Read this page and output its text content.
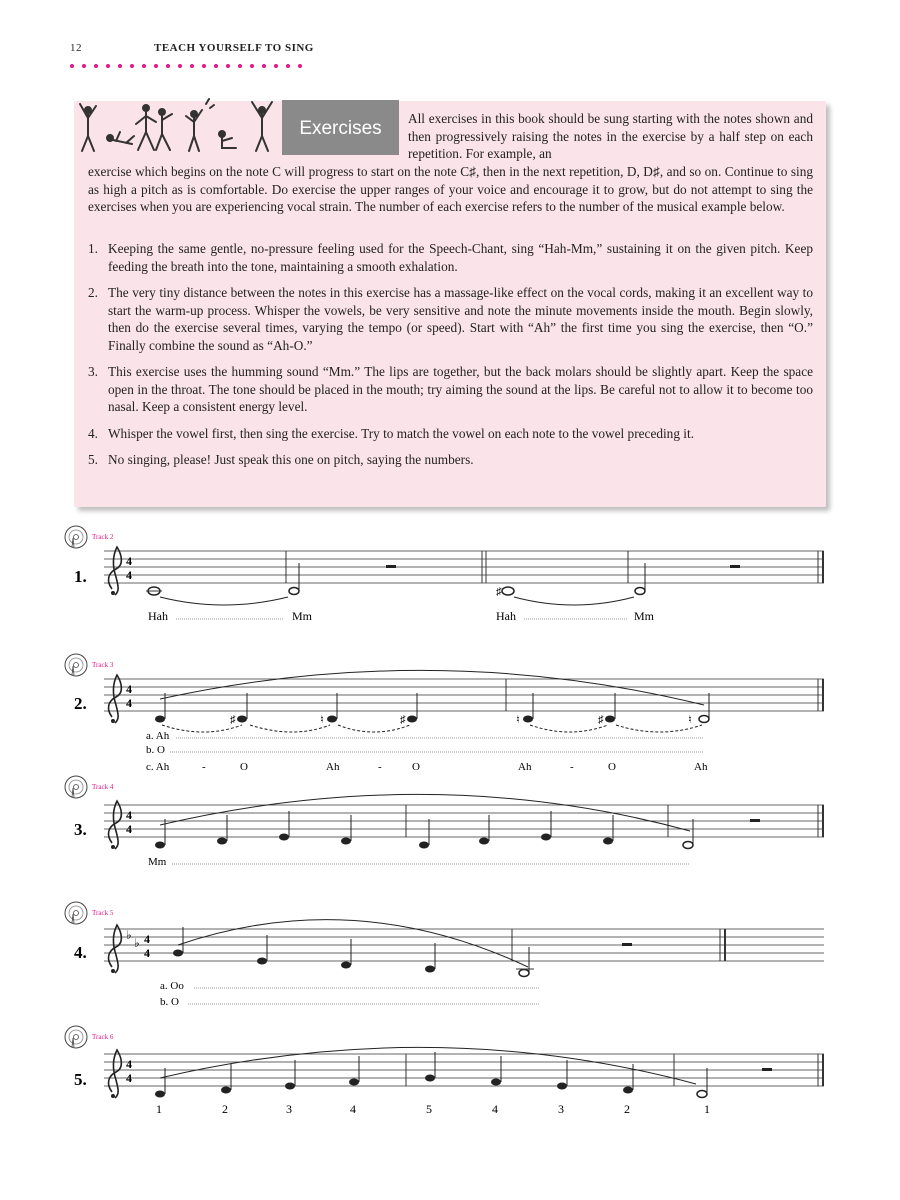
12	TEACH YOURSELF TO SING
Exercises	All exercises in this book should be sung starting with the notes shown and then progressively raising the notes in the exercise by a half step on each repetition. For example, an
exercise which begins on the note C will progress to start on the note C♯, then in the next repetition, D, D♯, and so on. Continue to sing as high a pitch as is comfortable. Do exercise the upper ranges of your voice and encourage it to grow, but do not attempt to sing the exercises when you are experiencing vocal strain. The number of each exercise refers to the number of the musical example below.
1. Keeping the same gentle, no-pressure feeling used for the Speech-Chant, sing “Hah-Mm,” sustaining it on the given pitch. Keep feeding the breath into the tone, maintaining a smooth exhalation.
2. The very tiny distance between the notes in this exercise has a massage-like effect on the vocal cords, making it an excellent way to start the warm-up process. Whisper the vowels, be very sensitive and note the minute movements inside the mouth. Begin slowly, then do the exercise several times, varying the tempo (or speed). Start with “Ah” the first time you sing the exercise, then “O.” Finally combine the sound as “Ah-O.”
3. This exercise uses the humming sound “Mm.” The lips are together, but the back molars should be slightly apart. Keep the space open in the throat. The tone should be placed in the mouth; try aiming the sound at the lips. Be careful not to allow it to become too nasal. Keep a consistent energy level.
4. Whisper the vowel first, then sing the exercise. Try to match the vowel on each note to the vowel preceding it.
5. No singing, please! Just speak this one on pitch, saying the numbers.
Track 2
1.
4
4
♯
Hah	Mm	Hah	Mm
Track 3
2.
4
4
♯	♮	♯	♮	♯	♮
a. Ah
b. O
c. Ah	-	O	Ah	-	O	Ah	-	O	Ah
Track 4
3.
4
4
Mm
Track 5
4.
♭
♭ 4
4
a. Oo
b. O
Track 6
5.
4
4
1	2	3	4	5	4	3	2	1
